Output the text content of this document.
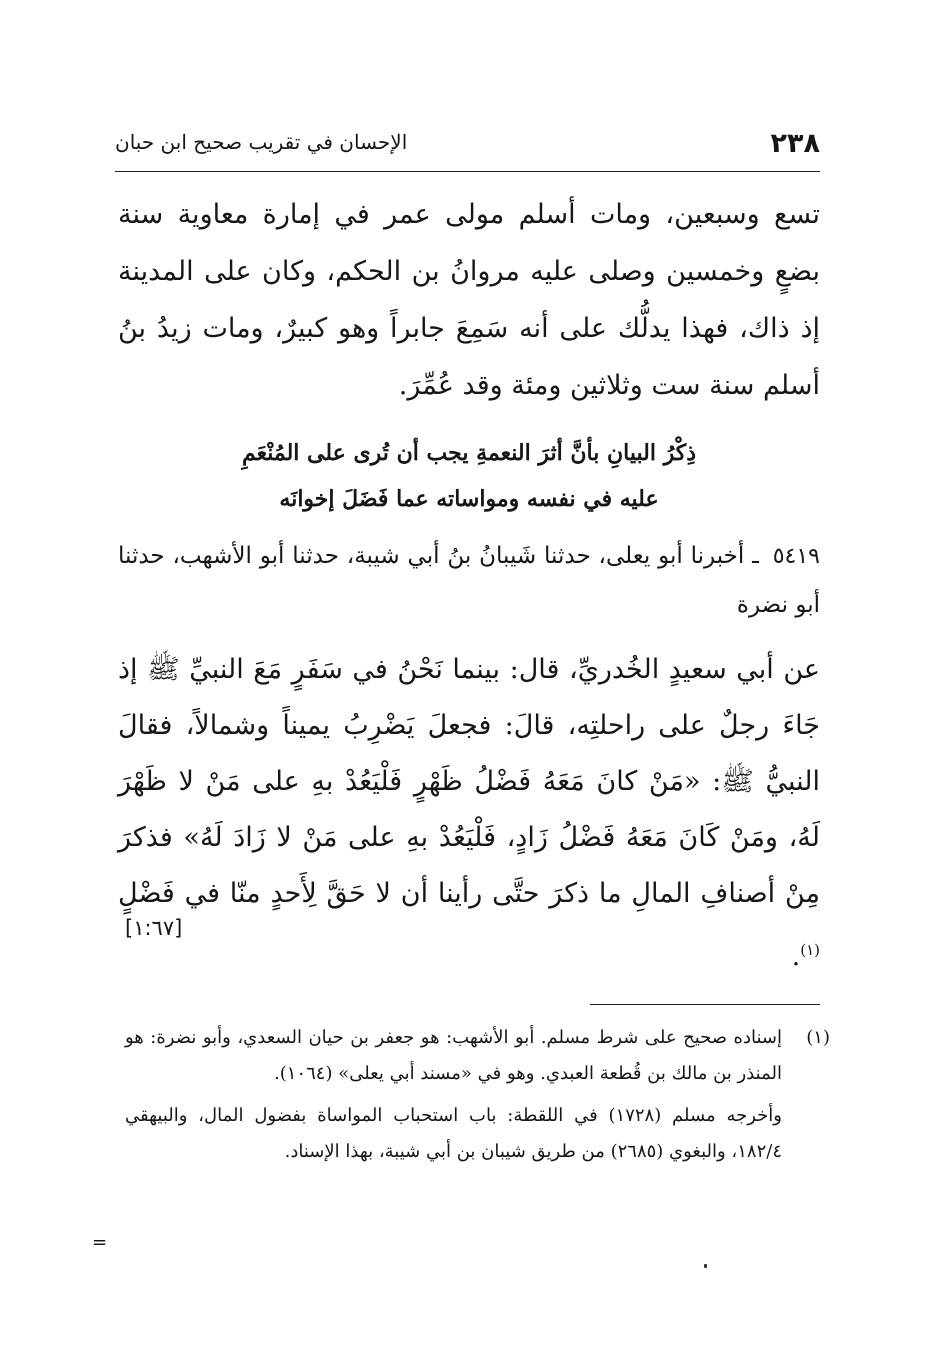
٢٣٨
الإحسان في تقريب صحيح ابن حبان
تسع وسبعين، ومات أسلم مولى عمر في إمارة معاوية سنة بضعٍ وخمسين وصلى عليه مروانُ بن الحكم، وكان على المدينة إذ ذاك، فهذا يدلُّك على أنه سَمِعَ جابراً وهو كبيرٌ، ومات زيدُ بنُ أسلم سنة ست وثلاثين ومئة وقد عُمِّرَ.
ذِكْرُ البيانِ بأنَّ أثرَ النعمةِ يجب أن تُرى على المُنْعَمِ
عليه في نفسه ومواساته عما فَضَلَ إخوانَه
٥٤١٩ ـ أخبرنا أبو يعلى، حدثنا شَيبانُ بنُ أبي شيبة، حدثنا أبو الأشهب، حدثنا أبو نضرة
عن أبي سعيدٍ الخُدريِّ، قال: بينما نَحْنُ في سَفَرٍ مَعَ النبيِّ ﷺ إذ جَاءَ رجلٌ على راحلتِه، قالَ: فجعلَ يَضْرِبُ يميناً وشمالاً، فقالَ النبيُّ ﷺ: «مَنْ كانَ مَعَهُ فَضْلُ ظَهْرٍ فَلْيَعُدْ بهِ على مَنْ لا ظَهْرَ لَهُ، ومَنْ كَانَ مَعَهُ فَضْلُ زَادٍ، فَلْيَعُدْ بهِ على مَنْ لا زَادَ لَهُ» فذكرَ مِنْ أصنافِ المالِ ما ذكرَ حتَّى رأينا أن لا حَقَّ لِأَحدٍ منّا في فَضْلٍ $^{(١)}$.
[١:٦٧]
(١)
إسناده صحيح على شرط مسلم. أبو الأشهب: هو جعفر بن حيان السعدي، وأبو نضرة: هو المنذر بن مالك بن قُطعة العبدي. وهو في «مسند أبي يعلى» (١٠٦٤).
وأخرجه مسلم (١٧٢٨) في اللقطة: باب استحباب المواساة بفضول المال، والبيهقي ١٨٢/٤، والبغوي (٢٦٨٥) من طريق شيبان بن أبي شيبة، بهذا الإسناد.
=
